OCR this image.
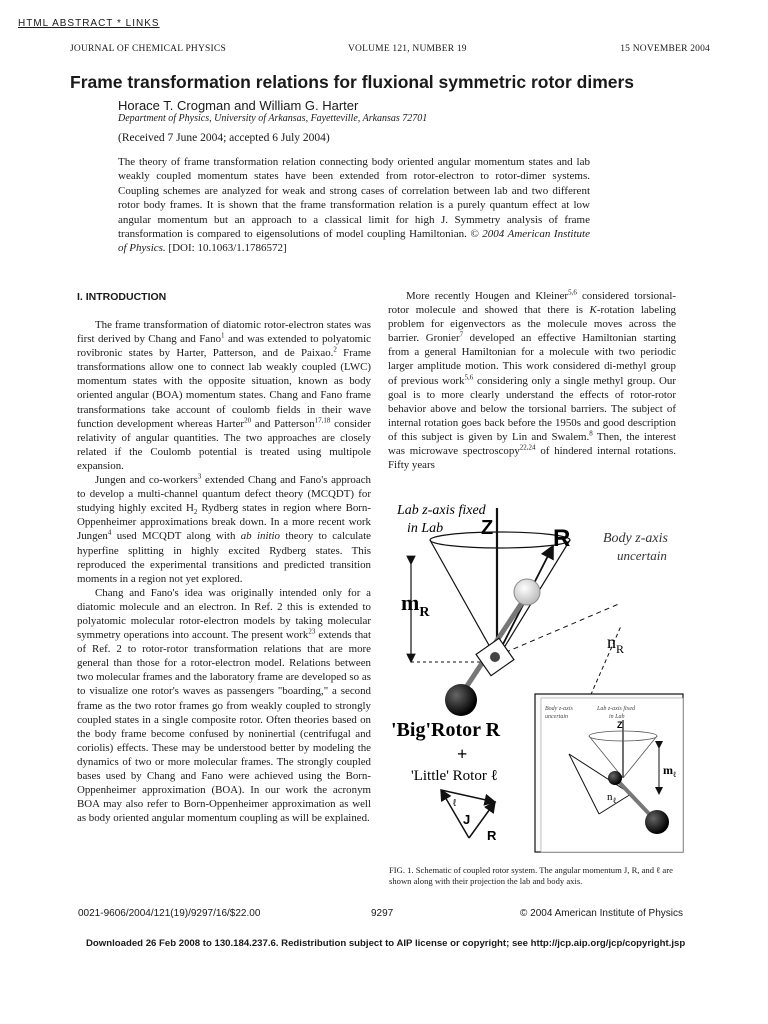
HTML ABSTRACT * LINKS
JOURNAL OF CHEMICAL PHYSICS	VOLUME 121, NUMBER 19	15 NOVEMBER 2004
Frame transformation relations for fluxional symmetric rotor dimers
Horace T. Crogman and William G. Harter
Department of Physics, University of Arkansas, Fayetteville, Arkansas 72701
(Received 7 June 2004; accepted 6 July 2004)
The theory of frame transformation relation connecting body oriented angular momentum states and lab weakly coupled momentum states have been extended from rotor-electron to rotor-dimer systems. Coupling schemes are analyzed for weak and strong cases of correlation between lab and two different rotor body frames. It is shown that the frame transformation relation is a purely quantum effect at low angular momentum but an approach to a classical limit for high J. Symmetry analysis of frame transformation is compared to eigensolutions of model coupling Hamiltonian. © 2004 American Institute of Physics. [DOI: 10.1063/1.1786572]
I. INTRODUCTION

The frame transformation of diatomic rotor-electron states was first derived by Chang and Fano$^1$ and was extended to polyatomic rovibronic states by Harter, Patterson, and de Paixao.$^2$ Frame transformations allow one to connect lab weakly coupled (LWC) momentum states with the opposite situation, known as body oriented angular (BOA) momentum states. Chang and Fano frame transformations take account of coulomb fields in their wave function development whereas Harter$^{20}$ and Patterson$^{17,18}$ consider relativity of angular quantities. The two approaches are closely related if the Coulomb potential is treated using multipole expansion.

Jungen and co-workers$^3$ extended Chang and Fano's approach to develop a multi-channel quantum defect theory (MCQDT) for studying highly excited $H_2$ Rydberg states in region where Born-Oppenheimer approximations break down. In a more recent work Jungen$^4$ used MCQDT along with ab initio theory to calculate hyperfine splitting in highly excited Rydberg states. This reproduced the experimental transitions and predicted transition moments in a region not yet explored.

Chang and Fano's idea was originally intended only for a diatomic molecule and an electron. In Ref. 2 this is extended to polyatomic molecular rotor-electron models by taking molecular symmetry operations into account. The present work$^{23}$ extends that of Ref. 2 to rotor-rotor transformation relations that are more general than those for a rotor-electron model. Relations between two molecular frames and the laboratory frame are developed so as to visualize one rotor's waves as passengers "boarding," a second frame as the two rotor frames go from weakly coupled to strongly coupled states in a single composite rotor. Often theories based on the body frame become confused by noninertial (centrifugal and coriolis) effects. These may be understood better by modeling the dynamics of two or more molecular frames. The strongly coupled bases used by Chang and Fano were achieved using the Born-Oppenheimer approximation (BOA). In our work the acronym BOA may also refer to Born-Oppenheimer approximation as well as body oriented angular momentum coupling as will be explained.

More recently Hougen and Kleiner$^{5,6}$ considered torsional-rotor molecule and showed that there is K-rotation labeling problem for eigenvectors as the molecule moves across the barrier. Gronier$^7$ developed an effective Hamiltonian starting from a general Hamiltonian for a molecule with two periodic larger amplitude motion. This work considered di-methyl group of previous work$^{5,6}$ considering only a single methyl group. Our goal is to more clearly understand the effects of rotor-rotor behavior above and below the torsional barriers. The subject of internal rotation goes back before the 1950s and good description of this subject is given by Lin and Swalem.$^8$ Then, the interest was microwave spectroscopy$^{22,24}$ of hindered internal rotations. Fifty years

Lab z-axis fixed
in Lab Z R Body z-axis
uncertain
$m_R$
$n_R$
'Big'Rotor R
+
'Little' Rotor ℓ
ℓ
J
R
Body z-axis
uncertain
Lab z-axis fixed
in Lab
Z
$m_\ell$
$n_\ell$
FIG. 1. Schematic of coupled rotor system. The angular momentum J, R, and ℓ are shown along with their projection the lab and body axis.
0021-9606/2004/121(19)/9297/16/$22.00	9297	© 2004 American Institute of Physics
Downloaded 26 Feb 2008 to 130.184.237.6. Redistribution subject to AIP license or copyright; see http://jcp.aip.org/jcp/copyright.jsp
